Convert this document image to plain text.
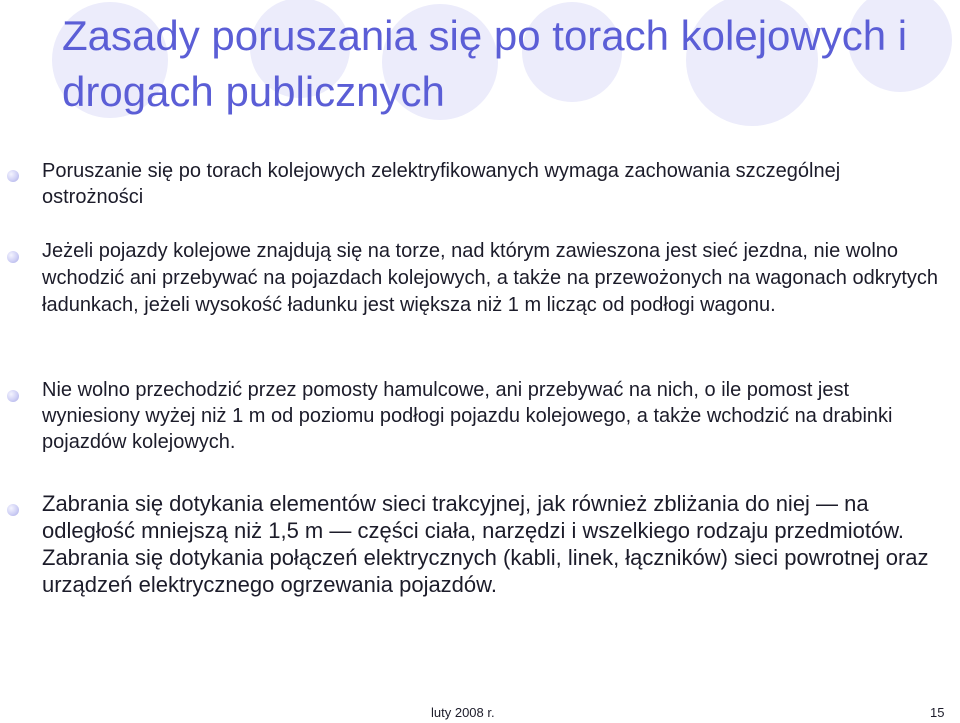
Zasady poruszania się po torach kolejowych i drogach publicznych

Poruszanie się po torach kolejowych zelektryfikowanych wymaga zachowania szczególnej ostrożności

Jeżeli pojazdy kolejowe znajdują się na torze, nad którym zawieszona jest sieć jezdna, nie wolno wchodzić ani przebywać na pojazdach kolejowych, a także na przewożonych na wagonach odkrytych ładunkach, jeżeli wysokość ładunku jest większa niż 1 m licząc od podłogi wagonu.

Nie wolno przechodzić przez pomosty hamulcowe, ani przebywać na nich, o ile pomost jest wyniesiony wyżej niż 1 m od poziomu podłogi pojazdu kolejowego, a także wchodzić na drabinki pojazdów kolejowych.

Zabrania się dotykania elementów sieci trakcyjnej, jak również zbliżania do niej — na odległość mniejszą niż 1,5 m — części ciała, narzędzi i wszelkiego rodzaju przedmiotów. Zabrania się dotykania połączeń elektrycznych (kabli, linek, łączników) sieci powrotnej oraz urządzeń elektrycznego ogrzewania pojazdów.

luty 2008 r.	15
